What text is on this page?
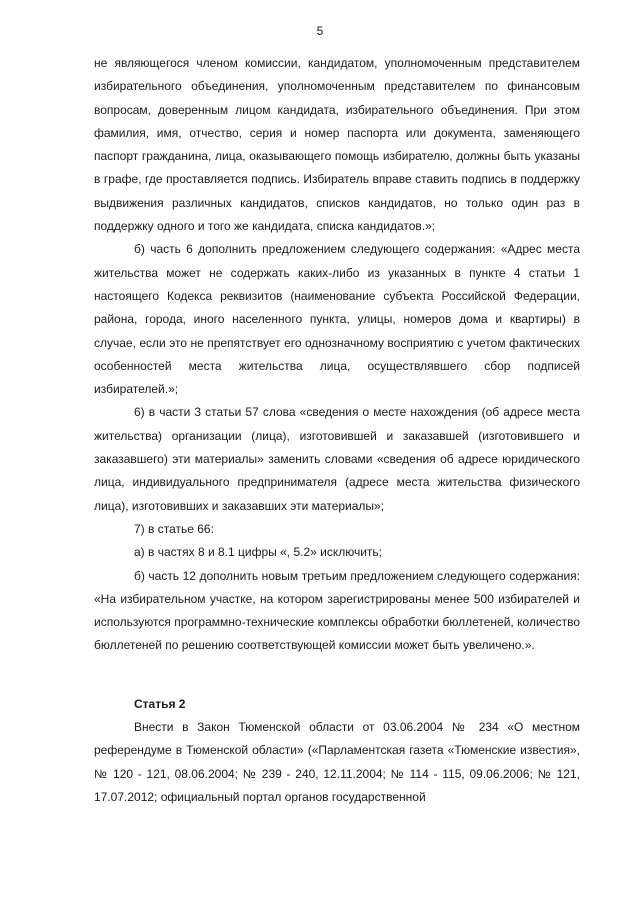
5

не являющегося членом комиссии, кандидатом, уполномоченным представителем избирательного объединения, уполномоченным представителем по финансовым вопросам, доверенным лицом кандидата, избирательного объединения. При этом фамилия, имя, отчество, серия и номер паспорта или документа, заменяющего паспорт гражданина, лица, оказывающего помощь избирателю, должны быть указаны в графе, где проставляется подпись. Избиратель вправе ставить подпись в поддержку выдвижения различных кандидатов, списков кандидатов, но только один раз в поддержку одного и того же кандидата, списка кандидатов.»;

б) часть 6 дополнить предложением следующего содержания: «Адрес места жительства может не содержать каких-либо из указанных в пункте 4 статьи 1 настоящего Кодекса реквизитов (наименование субъекта Российской Федерации, района, города, иного населенного пункта, улицы, номеров дома и квартиры) в случае, если это не препятствует его однозначному восприятию с учетом фактических особенностей места жительства лица, осуществлявшего сбор подписей избирателей.»;

6) в части 3 статьи 57 слова «сведения о месте нахождения (об адресе места жительства) организации (лица), изготовившей и заказавшей (изготовившего и заказавшего) эти материалы» заменить словами «сведения об адресе юридического лица, индивидуального предпринимателя (адресе места жительства физического лица), изготовивших и заказавших эти материалы»;

7) в статье 66:

а) в частях 8 и 8.1 цифры «, 5.2» исключить;

б) часть 12 дополнить новым третьим предложением следующего содержания: «На избирательном участке, на котором зарегистрированы менее 500 избирателей и используются программно-технические комплексы обработки бюллетеней, количество бюллетеней по решению соответствующей комиссии может быть увеличено.».

Статья 2

Внести в Закон Тюменской области от 03.06.2004 № 234 «О местном референдуме в Тюменской области» («Парламентская газета «Тюменские известия», № 120 - 121, 08.06.2004; № 239 - 240, 12.11.2004; № 114 - 115, 09.06.2006; № 121, 17.07.2012; официальный портал органов государственной
